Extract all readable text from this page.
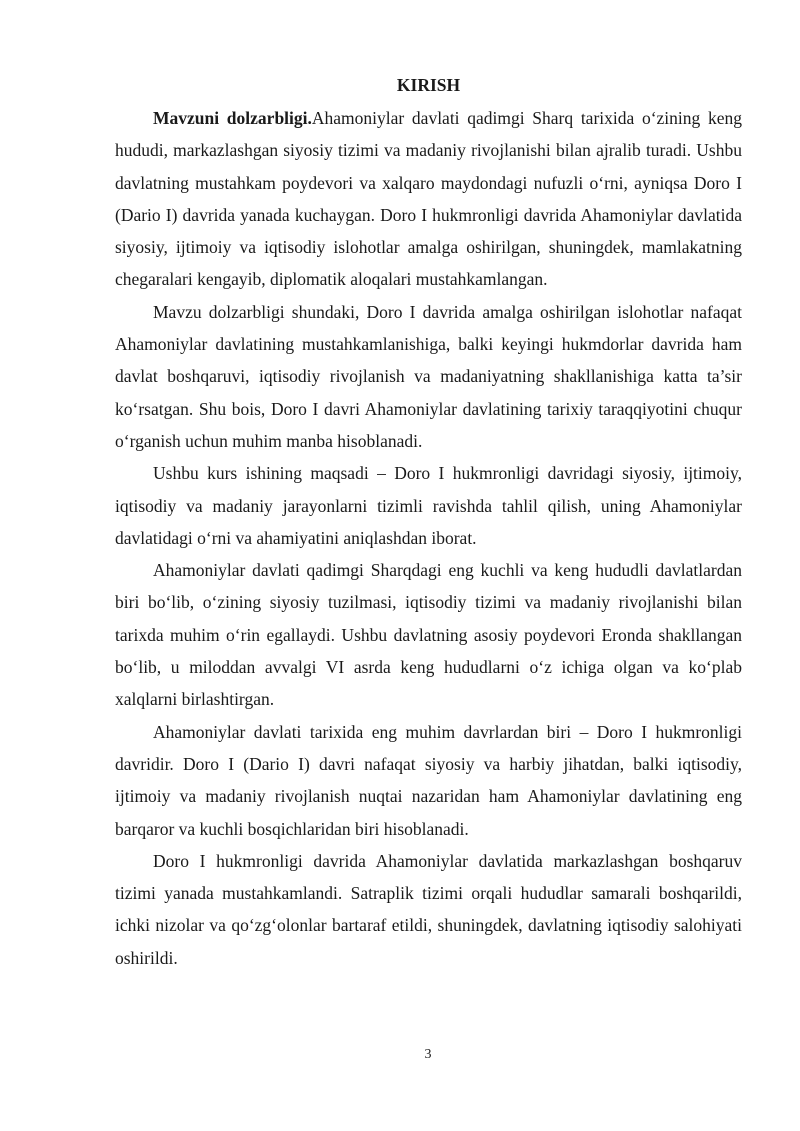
KIRISH

Mavzuni dolzarbligi.Ahamoniylar davlati qadimgi Sharq tarixida o‘zining keng hududi, markazlashgan siyosiy tizimi va madaniy rivojlanishi bilan ajralib turadi. Ushbu davlatning mustahkam poydevori va xalqaro maydondagi nufuzli o‘rni, ayniqsa Doro I (Dario I) davrida yanada kuchaygan. Doro I hukmronligi davrida Ahamoniylar davlatida siyosiy, ijtimoiy va iqtisodiy islohotlar amalga oshirilgan, shuningdek, mamlakatning chegaralari kengayib, diplomatik aloqalari mustahkamlangan.

Mavzu dolzarbligi shundaki, Doro I davrida amalga oshirilgan islohotlar nafaqat Ahamoniylar davlatining mustahkamlanishiga, balki keyingi hukmdorlar davrida ham davlat boshqaruvi, iqtisodiy rivojlanish va madaniyatning shakllanishiga katta ta’sir ko‘rsatgan. Shu bois, Doro I davri Ahamoniylar davlatining tarixiy taraqqiyotini chuqur o‘rganish uchun muhim manba hisoblanadi.

Ushbu kurs ishining maqsadi – Doro I hukmronligi davridagi siyosiy, ijtimoiy, iqtisodiy va madaniy jarayonlarni tizimli ravishda tahlil qilish, uning Ahamoniylar davlatidagi o‘rni va ahamiyatini aniqlashdan iborat.

Ahamoniylar davlati qadimgi Sharqdagi eng kuchli va keng hududli davlatlardan biri bo‘lib, o‘zining siyosiy tuzilmasi, iqtisodiy tizimi va madaniy rivojlanishi bilan tarixda muhim o‘rin egallaydi. Ushbu davlatning asosiy poydevori Eronda shakllangan bo‘lib, u miloddan avvalgi VI asrda keng hududlarni o‘z ichiga olgan va ko‘plab xalqlarni birlashtirgan.

Ahamoniylar davlati tarixida eng muhim davrlardan biri – Doro I hukmronligi davridir. Doro I (Dario I) davri nafaqat siyosiy va harbiy jihatdan, balki iqtisodiy, ijtimoiy va madaniy rivojlanish nuqtai nazaridan ham Ahamoniylar davlatining eng barqaror va kuchli bosqichlaridan biri hisoblanadi.

Doro I hukmronligi davrida Ahamoniylar davlatida markazlashgan boshqaruv tizimi yanada mustahkamlandi. Satraplik tizimi orqali hududlar samarali boshqarildi, ichki nizolar va qo‘zg‘olonlar bartaraf etildi, shuningdek, davlatning iqtisodiy salohiyati oshirildi.

3
